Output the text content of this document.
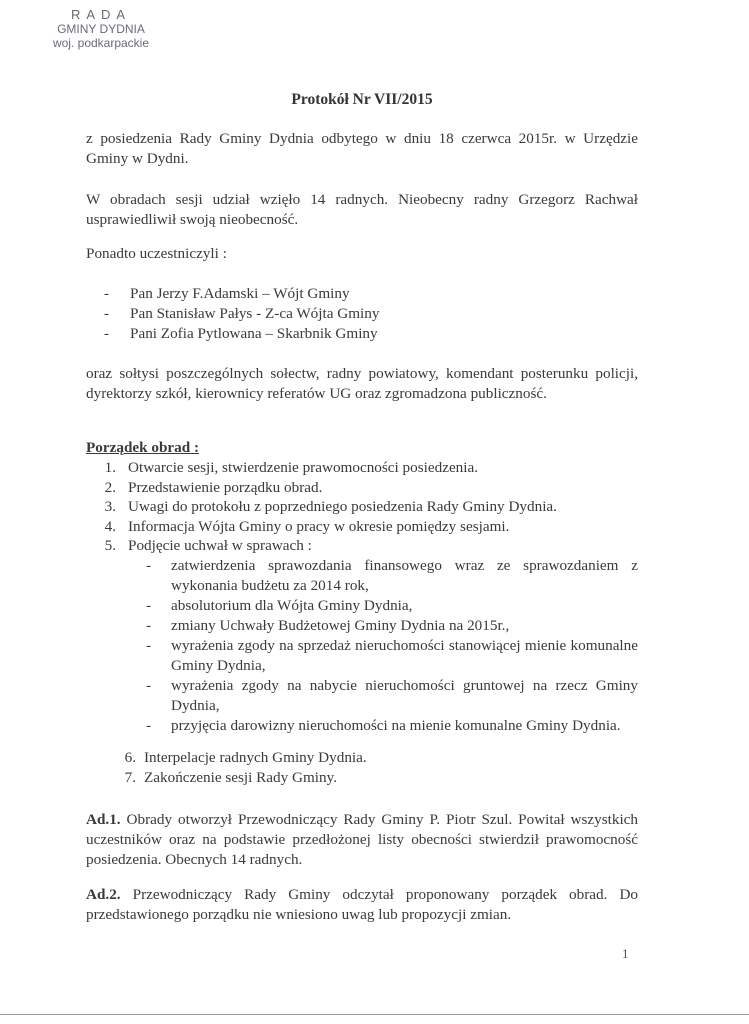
RADA
GMINY DYDNIA
woj. podkarpackie
Protokół Nr VII/2015
z posiedzenia Rady Gminy Dydnia odbytego w dniu 18 czerwca 2015r. w Urzędzie Gminy w Dydni.
W obradach sesji udział wzięło 14 radnych. Nieobecny radny Grzegorz Rachwał usprawiedliwił swoją nieobecność.
Ponadto uczestniczyli :
- Pan Jerzy F.Adamski – Wójt Gminy
- Pan Stanisław Pałys - Z-ca Wójta Gminy
- Pani Zofia Pytlowana – Skarbnik Gminy
oraz sołtysi poszczególnych sołectw, radny powiatowy, komendant posterunku policji, dyrektorzy szkół, kierownicy referatów UG oraz zgromadzona publiczność.
Porządek obrad :
1. Otwarcie sesji, stwierdzenie prawomocności posiedzenia.
2. Przedstawienie porządku obrad.
3. Uwagi do protokołu z poprzedniego posiedzenia Rady Gminy Dydnia.
4. Informacja Wójta Gminy o pracy w okresie pomiędzy sesjami.
5. Podjęcie uchwał w sprawach :
- zatwierdzenia sprawozdania finansowego wraz ze sprawozdaniem z wykonania budżetu za 2014 rok,
- absolutorium dla Wójta Gminy Dydnia,
- zmiany Uchwały Budżetowej Gminy Dydnia na 2015r.,
- wyrażenia zgody na sprzedaż nieruchomości stanowiącej mienie komunalne Gminy Dydnia,
- wyrażenia zgody na nabycie nieruchomości gruntowej na rzecz Gminy Dydnia,
- przyjęcia darowizny nieruchomości na mienie komunalne Gminy Dydnia.
6. Interpelacje radnych Gminy Dydnia.
7. Zakończenie sesji Rady Gminy.
Ad.1. Obrady otworzył Przewodniczący Rady Gminy P. Piotr Szul. Powitał wszystkich uczestników oraz na podstawie przedłożonej listy obecności stwierdził prawomocność posiedzenia. Obecnych 14 radnych.
Ad.2. Przewodniczący Rady Gminy odczytał proponowany porządek obrad. Do przedstawionego porządku nie wniesiono uwag lub propozycji zmian.
1
